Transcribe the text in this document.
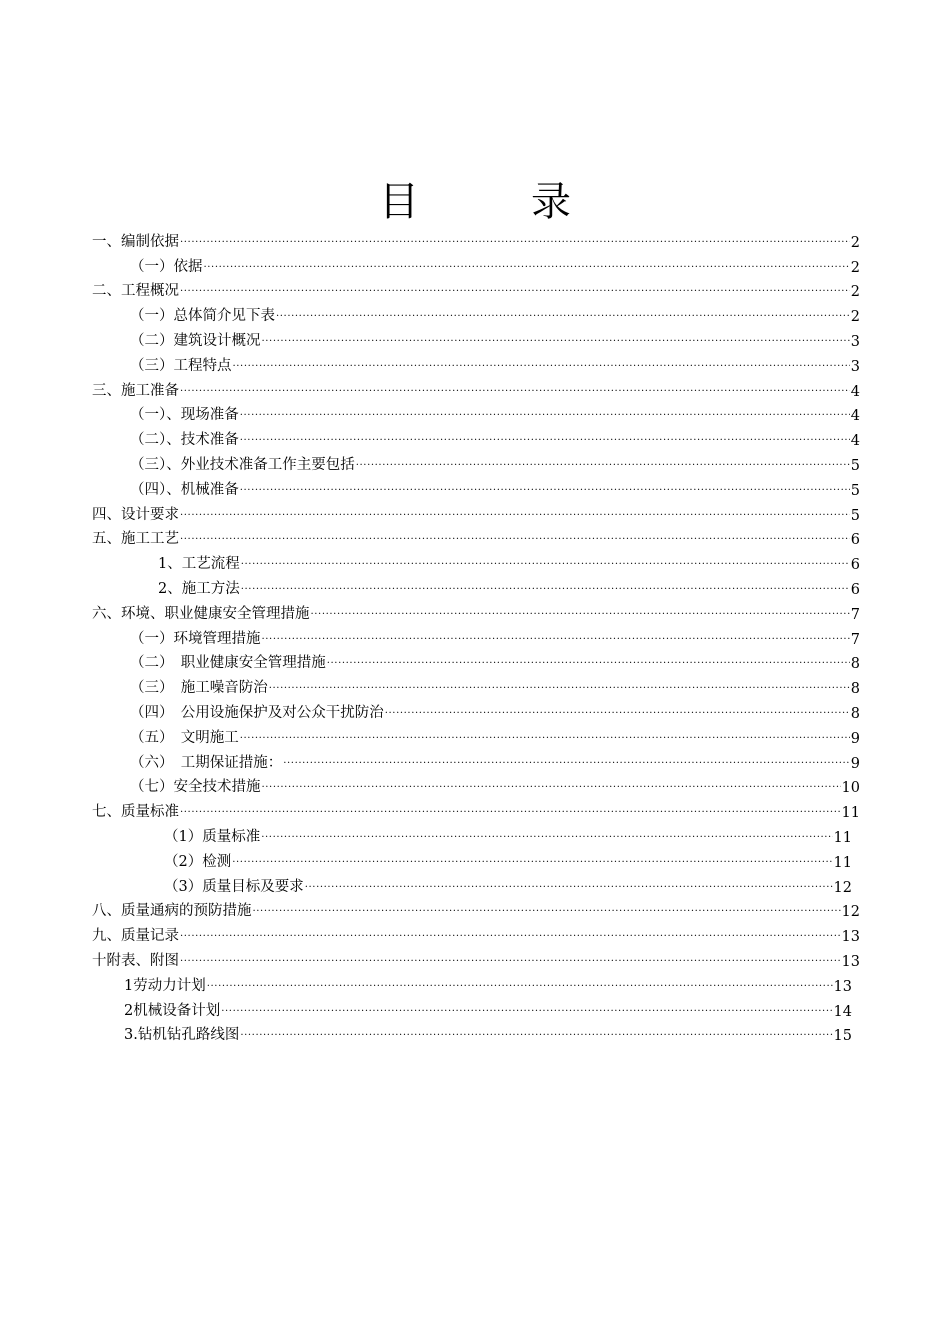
目　录
一、编制依据 .....	2
（一）依据 .....	2
二、工程概况 .....	2
（一）总体简介见下表 .....	2
（二）建筑设计概况 .....	3
（三）工程特点 .....	3
三、施工准备 .....	4
（一）、现场准备 .....	4
（二）、技术准备 .....	4
（三）、外业技术准备工作主要包括 .....	5
（四）、机械准备 .....	5
四、设计要求 .....	5
五、施工工艺 .....	6
1、工艺流程 .....	6
2、施工方法 .....	6
六、环境、职业健康安全管理措施 .....	7
（一）环境管理措施 .....	7
（二）　职业健康安全管理措施 .....	8
（三）　施工噪音防治 .....	8
（四）　公用设施保护及对公众干扰防治 .....	8
（五）　文明施工 .....	9
（六）　工期保证措施： .....	9
（七）安全技术措施 .....	10
七、质量标准 .....	11
（1）质量标准 .....	11
（2）检测 .....	11
（3）质量目标及要求 .....	12
八、质量通病的预防措施 .....	12
九、质量记录 .....	13
十附表、附图 .....	13
1劳动力计划 .....	13
2机械设备计划 .....	14
3.钻机钻孔路线图 .....	15
